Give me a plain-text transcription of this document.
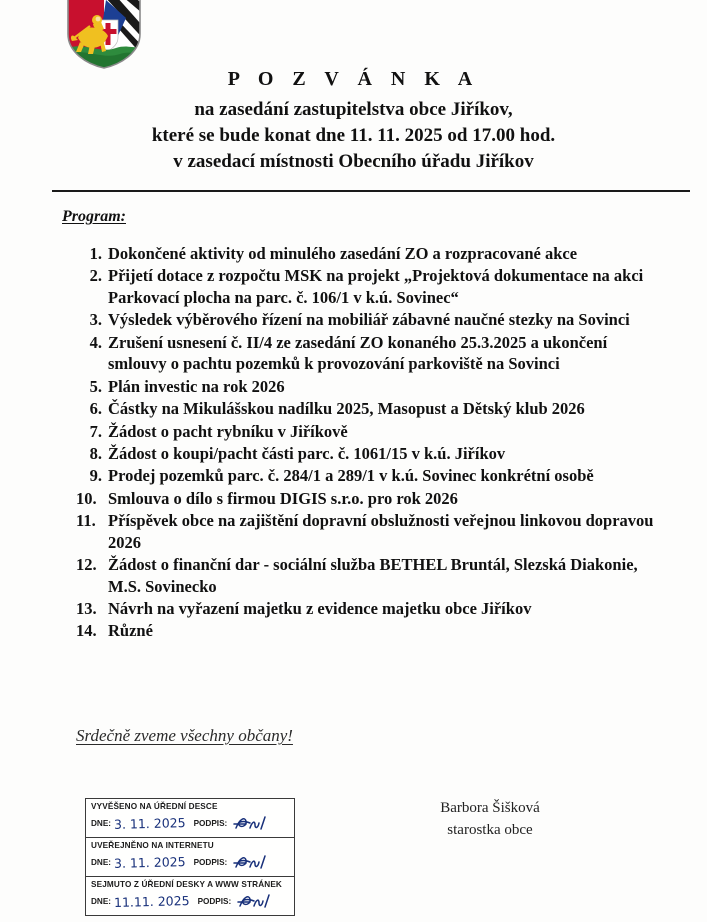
P O Z V Á N K A
na zasedání zastupitelstva obce Jiříkov,
které se bude konat dne 11. 11. 2025 od 17.00 hod.
v zasedací místnosti Obecního úřadu Jiříkov
Program:
1. Dokončené aktivity od minulého zasedání ZO a rozpracované akce
2. Přijetí dotace z rozpočtu MSK na projekt „Projektová dokumentace na akci Parkovací plocha na parc. č. 106/1 v k.ú. Sovinec“
3. Výsledek výběrového řízení na mobiliář zábavné naučné stezky na Sovinci
4. Zrušení usnesení č. II/4 ze zasedání ZO konaného 25.3.2025 a ukončení smlouvy o pachtu pozemků k provozování parkoviště na Sovinci
5. Plán investic na rok 2026
6. Částky na Mikulášskou nadílku 2025, Masopust a Dětský klub 2026
7. Žádost o pacht rybníku v Jiříkově
8. Žádost o koupi/pacht části parc. č. 1061/15 v k.ú. Jiříkov
9. Prodej pozemků parc. č. 284/1 a 289/1 v k.ú. Sovinec konkrétní osobě
10. Smlouva o dílo s firmou DIGIS s.r.o. pro rok 2026
11. Příspěvek obce na zajištění dopravní obslužnosti veřejnou linkovou dopravou 2026
12. Žádost o finanční dar - sociální služba BETHEL Bruntál, Slezská Diakonie, M.S. Sovinecko
13. Návrh na vyřazení majetku z evidence majetku obce Jiříkov
14. Různé
Srdečně zveme všechny občany!
VYVĚŠENO NA ÚŘEDNÍ DESCE
DNE: 3. 11. 2025 PODPIS:
UVEŘEJNĚNO NA INTERNETU
DNE: 3. 11. 2025 PODPIS:
SEJMUTO Z ÚŘEDNÍ DESKY A WWW STRÁNEK
DNE: 11.11. 2025 PODPIS:
Barbora Šišková
starostka obce
